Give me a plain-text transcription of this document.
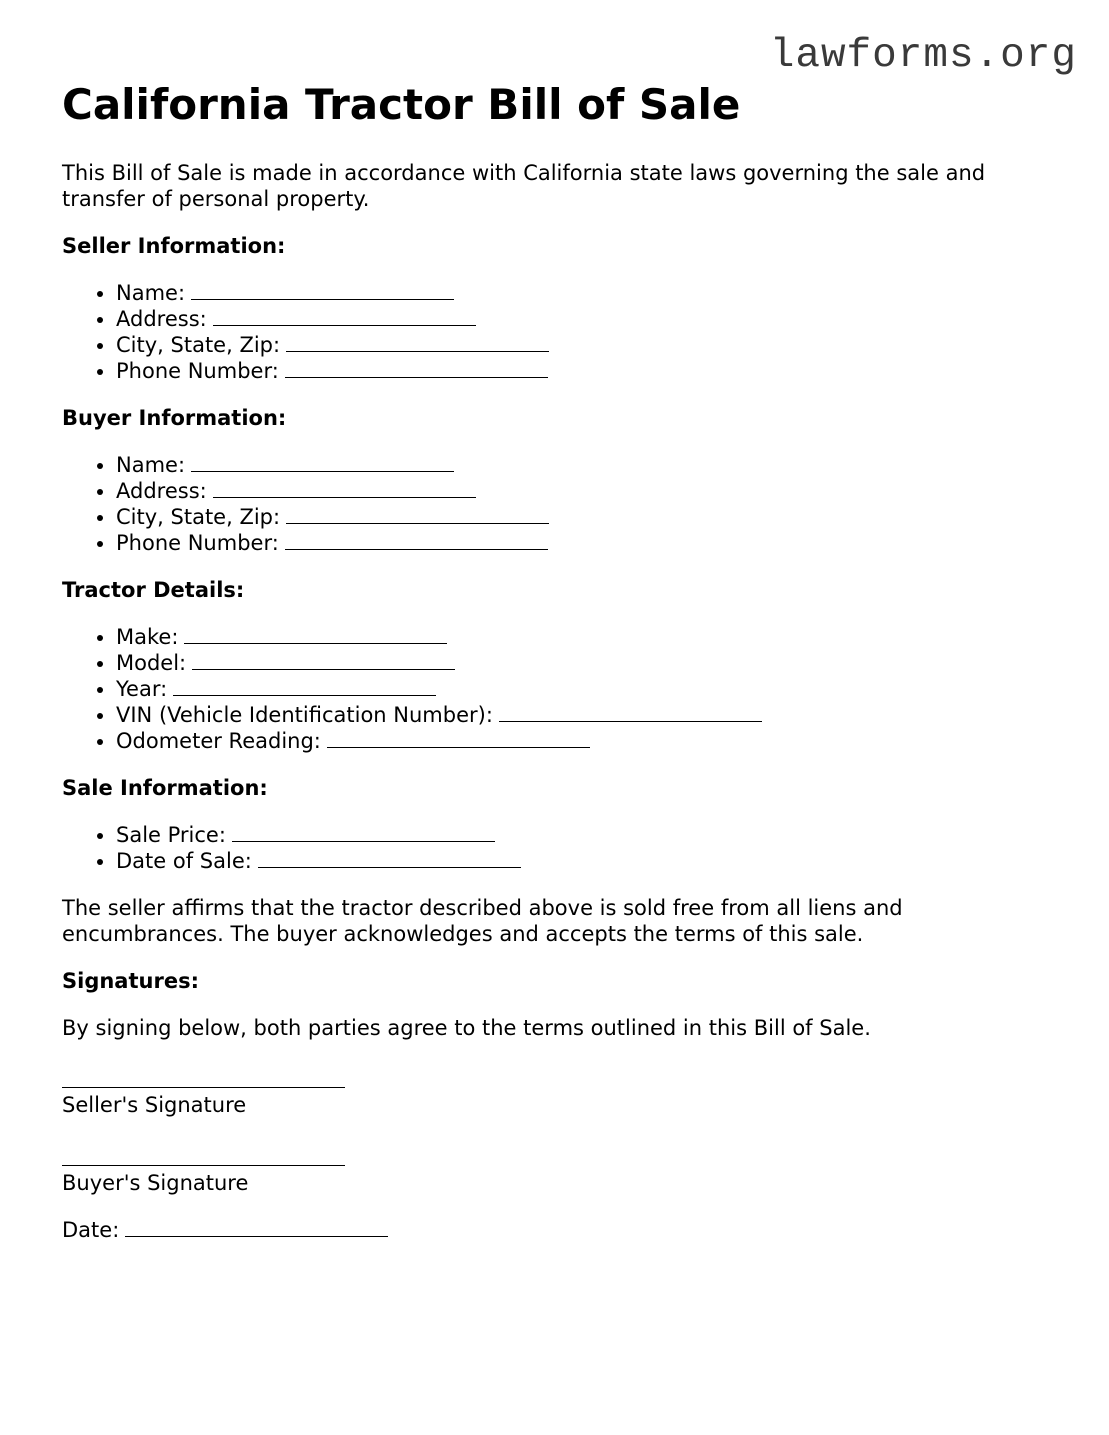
lawforms.org
California Tractor Bill of Sale

This Bill of Sale is made in accordance with California state laws governing the sale and transfer of personal property.

Seller Information:
• Name:
• Address:
• City, State, Zip:
• Phone Number:
Buyer Information:
• Name:
• Address:
• City, State, Zip:
• Phone Number:
Tractor Details:
• Make:
• Model:
• Year:
• VIN (Vehicle Identification Number):
• Odometer Reading:
Sale Information:
• Sale Price:
• Date of Sale:

The seller affirms that the tractor described above is sold free from all liens and encumbrances. The buyer acknowledges and accepts the terms of this sale.

Signatures:

By signing below, both parties agree to the terms outlined in this Bill of Sale.

Seller's Signature

Buyer's Signature

Date:
